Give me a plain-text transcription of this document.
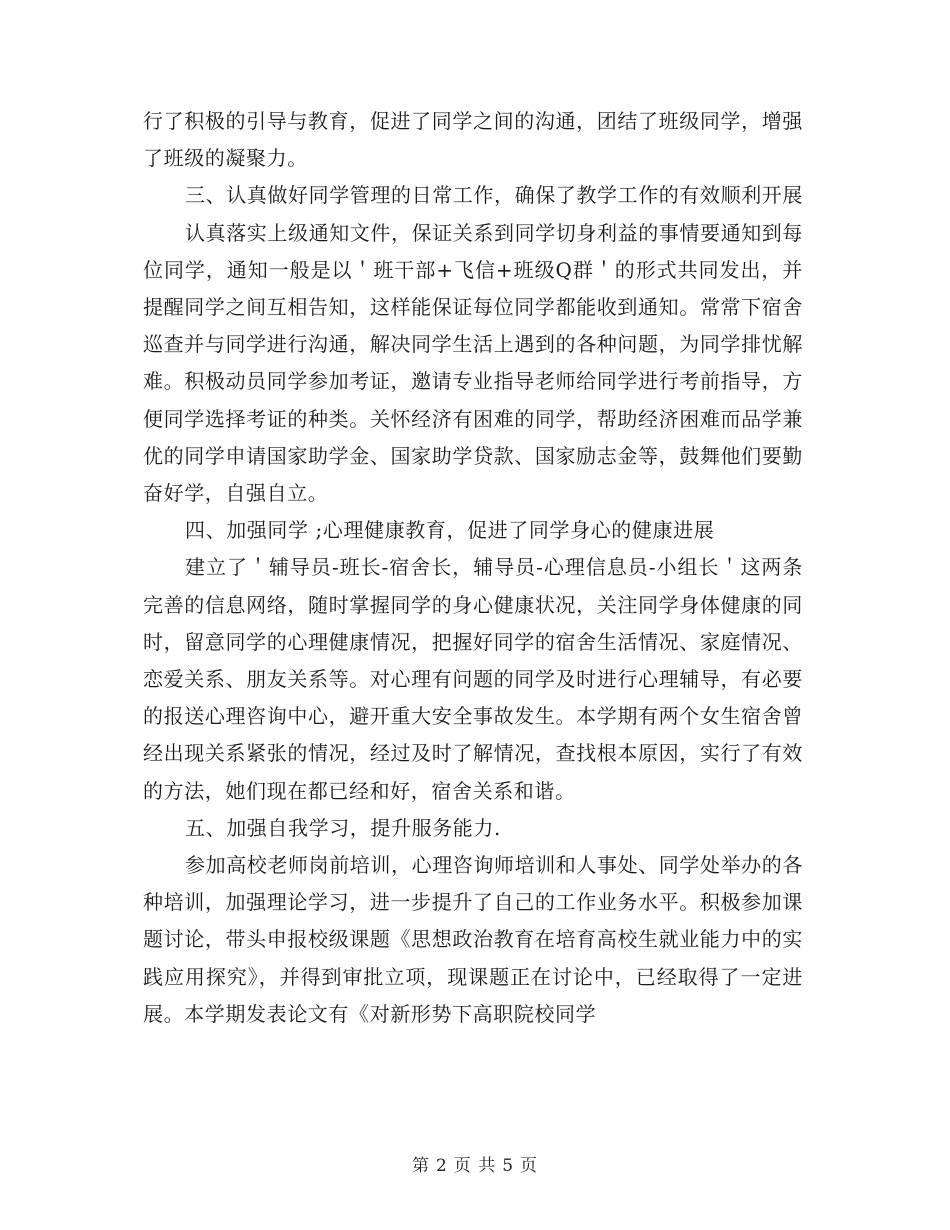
行了积极的引导与教育，促进了同学之间的沟通，团结了班级同学，增强了班级的凝聚力。

三、认真做好同学管理的日常工作，确保了教学工作的有效顺利开展

认真落实上级通知文件，保证关系到同学切身利益的事情要通知到每位同学，通知一般是以＇班干部+飞信+班级Q群＇的形式共同发出，并提醒同学之间互相告知，这样能保证每位同学都能收到通知。常常下宿舍巡查并与同学进行沟通，解决同学生活上遇到的各种问题，为同学排忧解难。积极动员同学参加考证，邀请专业指导老师给同学进行考前指导，方便同学选择考证的种类。关怀经济有困难的同学，帮助经济困难而品学兼优的同学申请国家助学金、国家助学贷款、国家励志金等，鼓舞他们要勤奋好学，自强自立。

四、加强同学 ;心理健康教育，促进了同学身心的健康进展

建立了＇辅导员-班长-宿舍长，辅导员-心理信息员-小组长＇这两条完善的信息网络，随时掌握同学的身心健康状况，关注同学身体健康的同时，留意同学的心理健康情况，把握好同学的宿舍生活情况、家庭情况、恋爱关系、朋友关系等。对心理有问题的同学及时进行心理辅导，有必要的报送心理咨询中心，避开重大安全事故发生。本学期有两个女生宿舍曾经出现关系紧张的情况，经过及时了解情况，查找根本原因，实行了有效的方法，她们现在都已经和好，宿舍关系和谐。

五、加强自我学习，提升服务能力.

参加高校老师岗前培训，心理咨询师培训和人事处、同学处举办的各种培训，加强理论学习，进一步提升了自己的工作业务水平。积极参加课题讨论，带头申报校级课题《思想政治教育在培育高校生就业能力中的实践应用探究》，并得到审批立项，现课题正在讨论中，已经取得了一定进展。本学期发表论文有《对新形势下高职院校同学

第 2 页 共 5 页
